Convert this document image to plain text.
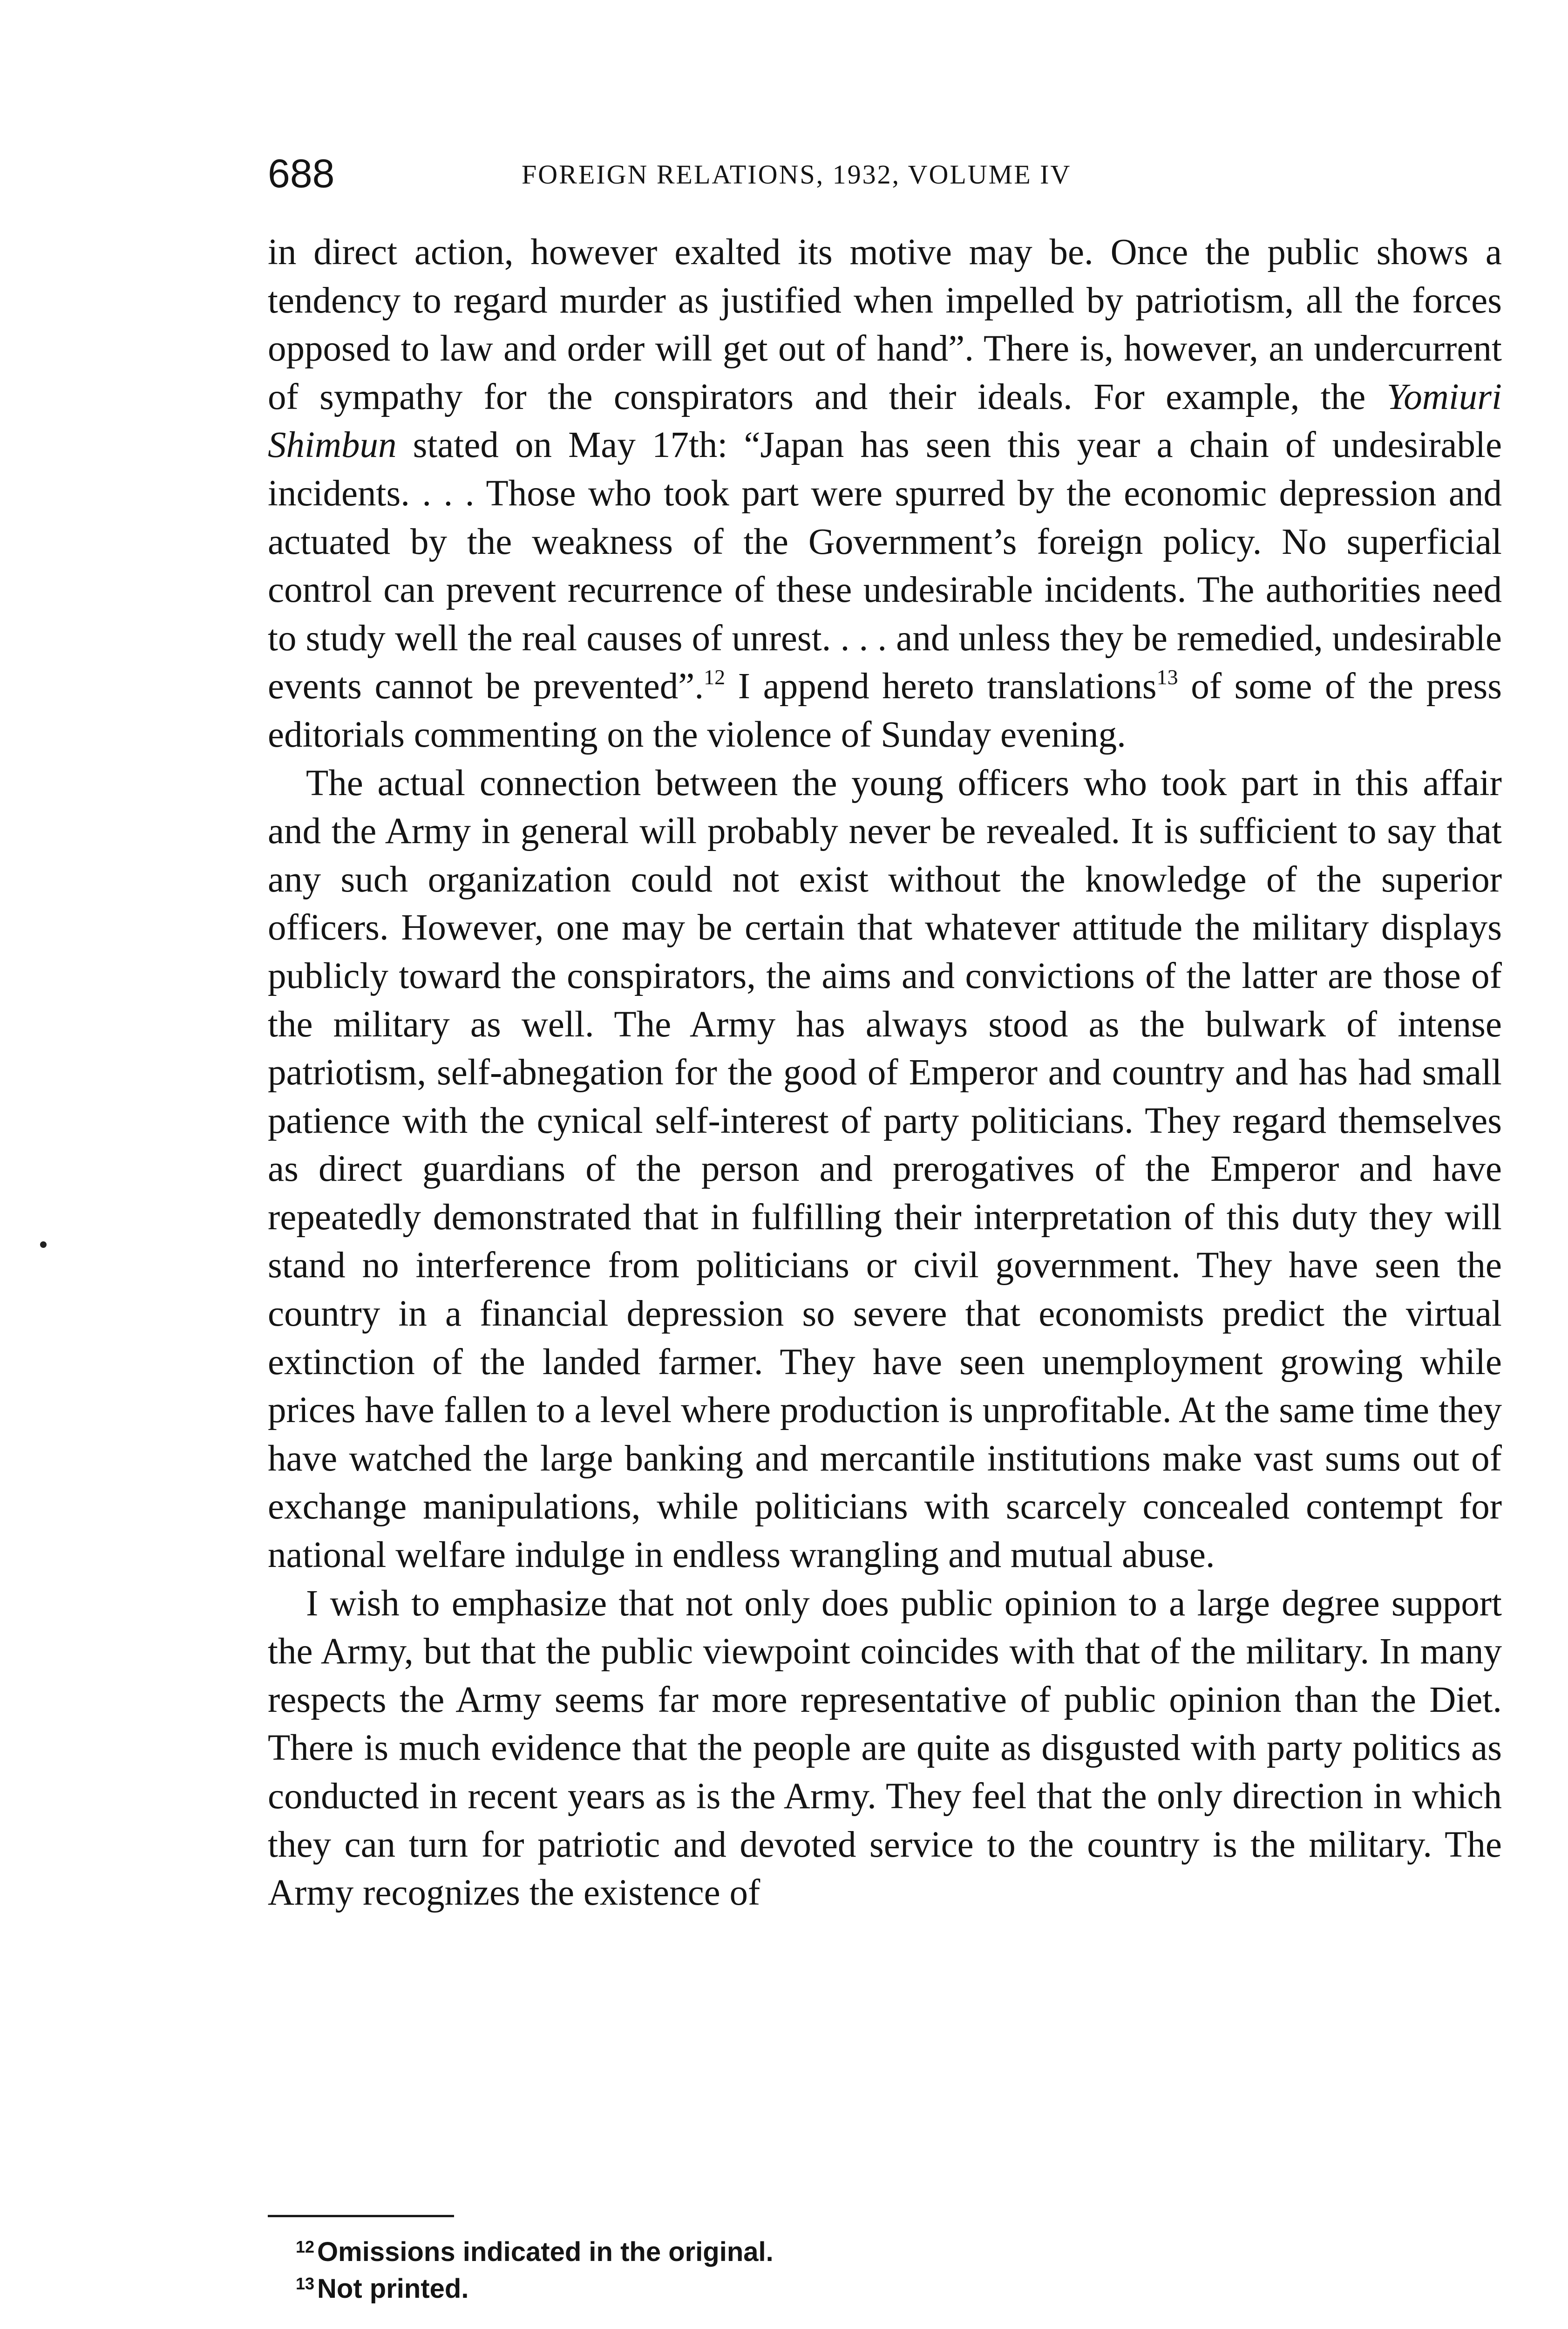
688	FOREIGN RELATIONS, 1932, VOLUME IV

in direct action, however exalted its motive may be. Once the public shows a tendency to regard murder as justified when impelled by patriotism, all the forces opposed to law and order will get out of hand”. There is, however, an undercurrent of sympathy for the conspirators and their ideals. For example, the Yomiuri Shimbun stated on May 17th: “Japan has seen this year a chain of undesirable incidents. . . . Those who took part were spurred by the economic depression and actuated by the weakness of the Government’s foreign policy. No superficial control can prevent recurrence of these undesirable incidents. The authorities need to study well the real causes of unrest. . . . and unless they be remedied, undesirable events cannot be prevented”.$^{12}$ I append hereto translations$^{13}$ of some of the press editorials commenting on the violence of Sunday evening.

The actual connection between the young officers who took part in this affair and the Army in general will probably never be revealed. It is sufficient to say that any such organization could not exist without the knowledge of the superior officers. However, one may be certain that whatever attitude the military displays publicly toward the conspirators, the aims and convictions of the latter are those of the military as well. The Army has always stood as the bulwark of intense patriotism, self-abnegation for the good of Emperor and country and has had small patience with the cynical self-interest of party politicians. They regard themselves as direct guardians of the person and prerogatives of the Emperor and have repeatedly demonstrated that in fulfilling their interpretation of this duty they will stand no interference from politicians or civil government. They have seen the country in a financial depression so severe that economists predict the virtual extinction of the landed farmer. They have seen unemployment growing while prices have fallen to a level where production is unprofitable. At the same time they have watched the large banking and mercantile institutions make vast sums out of exchange manipulations, while politicians with scarcely concealed contempt for national welfare indulge in endless wrangling and mutual abuse.

I wish to emphasize that not only does public opinion to a large degree support the Army, but that the public viewpoint coincides with that of the military. In many respects the Army seems far more representative of public opinion than the Diet. There is much evidence that the people are quite as disgusted with party politics as conducted in recent years as is the Army. They feel that the only direction in which they can turn for patriotic and devoted service to the country is the military. The Army recognizes the existence of

$^{12}$ Omissions indicated in the original.
$^{13}$ Not printed.
